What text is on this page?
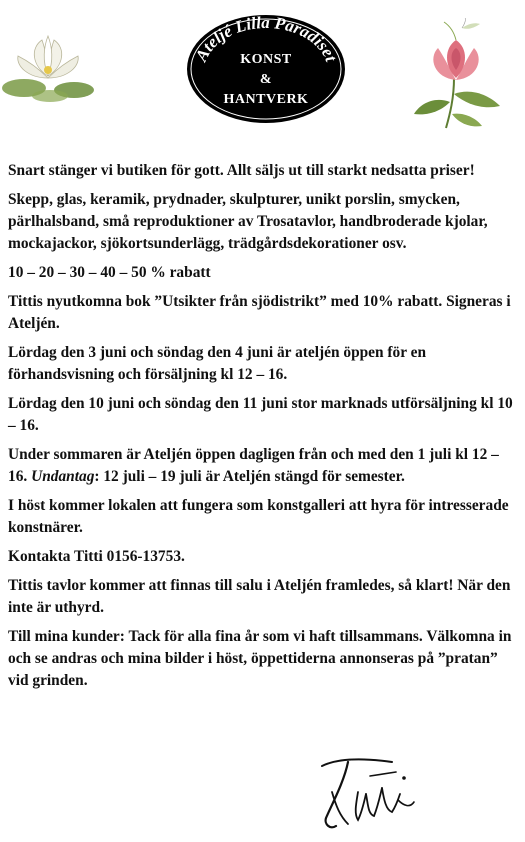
Ateljé Lilla Paradiset
KONST
&
HANTVERK

Snart stänger vi butiken för gott. Allt säljs ut till starkt nedsatta priser!

Skepp, glas, keramik, prydnader, skulpturer, unikt porslin, smycken, pärlhalsband, små reproduktioner av Trosatavlor, handbroderade kjolar, mockajackor, sjökortsunderlägg, trädgårdsdekorationer osv.

10 – 20 – 30 – 40 – 50 % rabatt

Tittis nyutkomna bok ”Utsikter från sjödistrikt” med 10% rabatt. Signeras i Ateljén.

Lördag den 3 juni och söndag den 4 juni är ateljén öppen för en förhandsvisning och försäljning kl 12 – 16.

Lördag den 10 juni och söndag den 11 juni stor marknads utförsäljning kl 10 – 16.

Under sommaren är Ateljén öppen dagligen från och med den 1 juli kl 12 – 16. Undantag: 12 juli – 19 juli är Ateljén stängd för semester.

I höst kommer lokalen att fungera som konstgalleri att hyra för intresserade konstnärer.

Kontakta Titti 0156-13753.

Tittis tavlor kommer att finnas till salu i Ateljén framledes, så klart! När den inte är uthyrd.

Till mina kunder: Tack för alla fina år som vi haft tillsammans. Välkomna in och se andras och mina bilder i höst, öppettiderna annonseras på ”pratan” vid grinden.
